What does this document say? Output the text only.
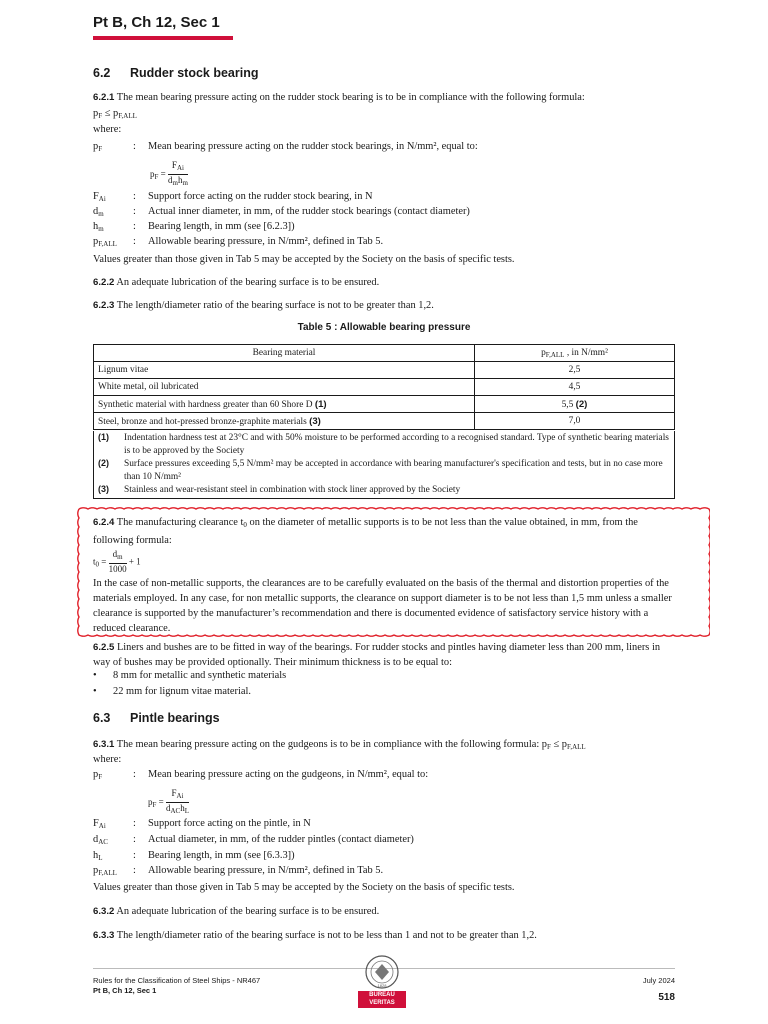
Pt B, Ch 12, Sec 1
6.2 Rudder stock bearing
6.2.1 The mean bearing pressure acting on the rudder stock bearing is to be in compliance with the following formula:
$p_F \le p_{F,ALL}$
where:
$p_F$	: Mean bearing pressure acting on the rudder stock bearings, in N/mm², equal to:
$p_F = \frac{F_{Ai}}{d_mh_m}$
$F_{Ai}$	: Support force acting on the rudder stock bearing, in N
$d_m$	: Actual inner diameter, in mm, of the rudder stock bearings (contact diameter)
$h_m$	: Bearing length, in mm (see [6.2.3])
$p_{F,ALL}$ : Allowable bearing pressure, in N/mm², defined in Tab 5.
Values greater than those given in Tab 5 may be accepted by the Society on the basis of specific tests.
6.2.2 An adequate lubrication of the bearing surface is to be ensured.
6.2.3 The length/diameter ratio of the bearing surface is not to be greater than 1,2.
Table 5 : Allowable bearing pressure
Bearing material	$p_{F,ALL}$ , in N/mm²
Lignum vitae	2,5
White metal, oil lubricated	4,5
Synthetic material with hardness greater than 60 Shore D (1)	5,5 (2)
Steel, bronze and hot-pressed bronze-graphite materials (3)	7,0
(1) Indentation hardness test at 23°C and with 50% moisture to be performed according to a recognised standard. Type of synthetic bearing materials is to be approved by the Society
(2) Surface pressures exceeding 5,5 N/mm² may be accepted in accordance with bearing manufacturer's specification and tests, but in no case more than 10 N/mm²
(3) Stainless and wear-resistant steel in combination with stock liner approved by the Society
6.2.4 The manufacturing clearance $t_0$ on the diameter of metallic supports is to be not less than the value obtained, in mm, from the following formula:
$t_0 = \frac{d_m}{1000} + 1$
In the case of non-metallic supports, the clearances are to be carefully evaluated on the basis of the thermal and distortion properties of the materials employed. In any case, for non metallic supports, the clearance on support diameter is to be not less than 1,5 mm unless a smaller clearance is supported by the manufacturer’s recommendation and there is documented evidence of satisfactory service history with a reduced clearance.
6.2.5 Liners and bushes are to be fitted in way of the bearings. For rudder stocks and pintles having diameter less than 200 mm, liners in way of bushes may be provided optionally. Their minimum thickness is to be equal to:
• 8 mm for metallic and synthetic materials
• 22 mm for lignum vitae material.
6.3 Pintle bearings
6.3.1 The mean bearing pressure acting on the gudgeons is to be in compliance with the following formula: $p_F \le p_{F,ALL}$
where:
$p_F$	: Mean bearing pressure acting on the gudgeons, in N/mm², equal to:
$p_F = \frac{F_{Ai}}{d_{AC}h_L}$
$F_{Ai}$	: Support force acting on the pintle, in N
$d_{AC}$ : Actual diameter, in mm, of the rudder pintles (contact diameter)
$h_L$	: Bearing length, in mm (see [6.3.3])
$p_{F,ALL}$ : Allowable bearing pressure, in N/mm², defined in Tab 5.
Values greater than those given in Tab 5 may be accepted by the Society on the basis of specific tests.
6.3.2 An adequate lubrication of the bearing surface is to be ensured.
6.3.3 The length/diameter ratio of the bearing surface is not to be less than 1 and not to be greater than 1,2.
Rules for the Classification of Steel Ships - NR467
Pt B, Ch 12, Sec 1
1828
BUREAU
VERITAS
July 2024
518
